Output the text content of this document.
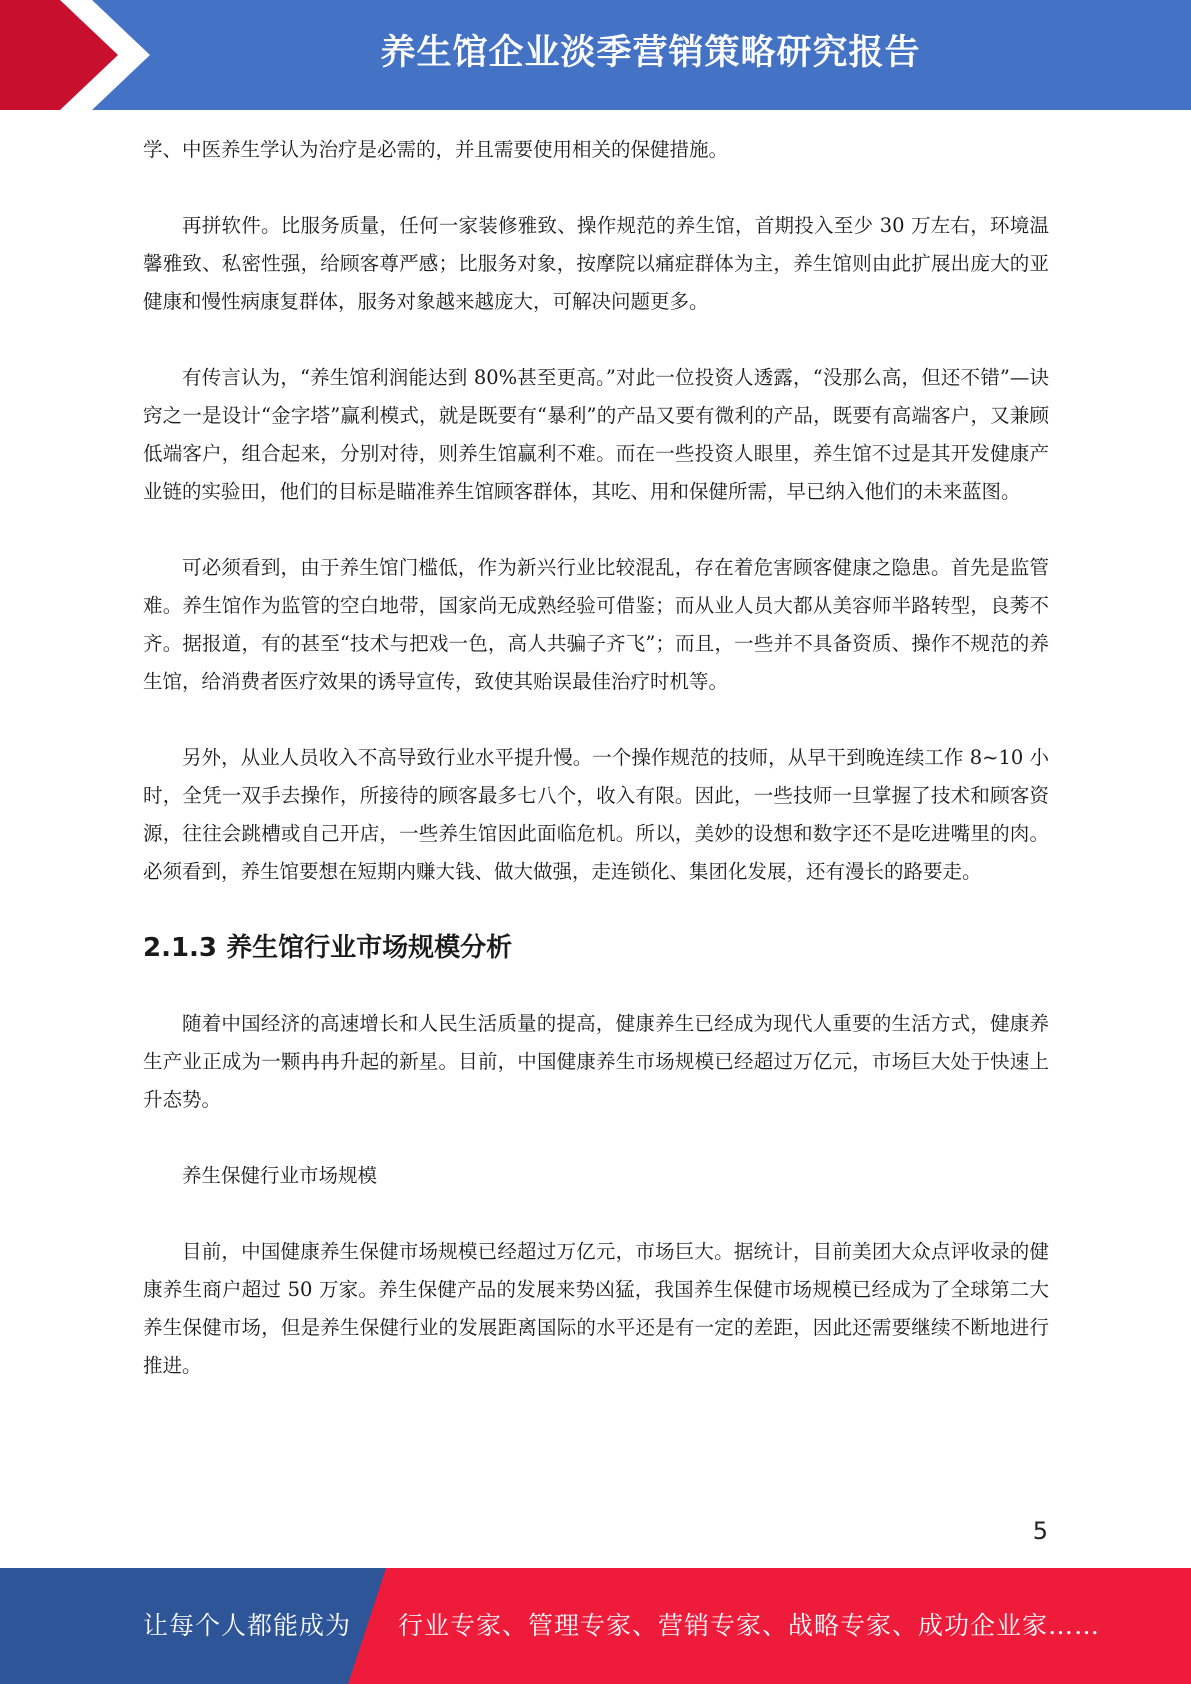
养生馆企业淡季营销策略研究报告

学、中医养生学认为治疗是必需的，并且需要使用相关的保健措施。

再拼软件。比服务质量，任何一家装修雅致、操作规范的养生馆，首期投入至少 30 万左右，环境温馨雅致、私密性强，给顾客尊严感；比服务对象，按摩院以痛症群体为主，养生馆则由此扩展出庞大的亚健康和慢性病康复群体，服务对象越来越庞大，可解决问题更多。

有传言认为，“养生馆利润能达到 80%甚至更高。”对此一位投资人透露，“没那么高，但还不错”—诀窍之一是设计“金字塔”赢利模式，就是既要有“暴利”的产品又要有微利的产品，既要有高端客户，又兼顾低端客户，组合起来，分别对待，则养生馆赢利不难。而在一些投资人眼里，养生馆不过是其开发健康产业链的实验田，他们的目标是瞄准养生馆顾客群体，其吃、用和保健所需，早已纳入他们的未来蓝图。

可必须看到，由于养生馆门槛低，作为新兴行业比较混乱，存在着危害顾客健康之隐患。首先是监管难。养生馆作为监管的空白地带，国家尚无成熟经验可借鉴；而从业人员大都从美容师半路转型，良莠不齐。据报道，有的甚至“技术与把戏一色，高人共骗子齐飞”；而且，一些并不具备资质、操作不规范的养生馆，给消费者医疗效果的诱导宣传，致使其贻误最佳治疗时机等。

另外，从业人员收入不高导致行业水平提升慢。一个操作规范的技师，从早干到晚连续工作 8~10 小时，全凭一双手去操作，所接待的顾客最多七八个，收入有限。因此，一些技师一旦掌握了技术和顾客资源，往往会跳槽或自己开店，一些养生馆因此面临危机。所以，美妙的设想和数字还不是吃进嘴里的肉。必须看到，养生馆要想在短期内赚大钱、做大做强，走连锁化、集团化发展，还有漫长的路要走。

2.1.3 养生馆行业市场规模分析

随着中国经济的高速增长和人民生活质量的提高，健康养生已经成为现代人重要的生活方式，健康养生产业正成为一颗冉冉升起的新星。目前，中国健康养生市场规模已经超过万亿元，市场巨大处于快速上升态势。

养生保健行业市场规模

目前，中国健康养生保健市场规模已经超过万亿元，市场巨大。据统计，目前美团大众点评收录的健康养生商户超过 50 万家。养生保健产品的发展来势凶猛，我国养生保健市场规模已经成为了全球第二大养生保健市场，但是养生保健行业的发展距离国际的水平还是有一定的差距，因此还需要继续不断地进行推进。

5
让每个人都能成为 行业专家、管理专家、营销专家、战略专家、成功企业家……
